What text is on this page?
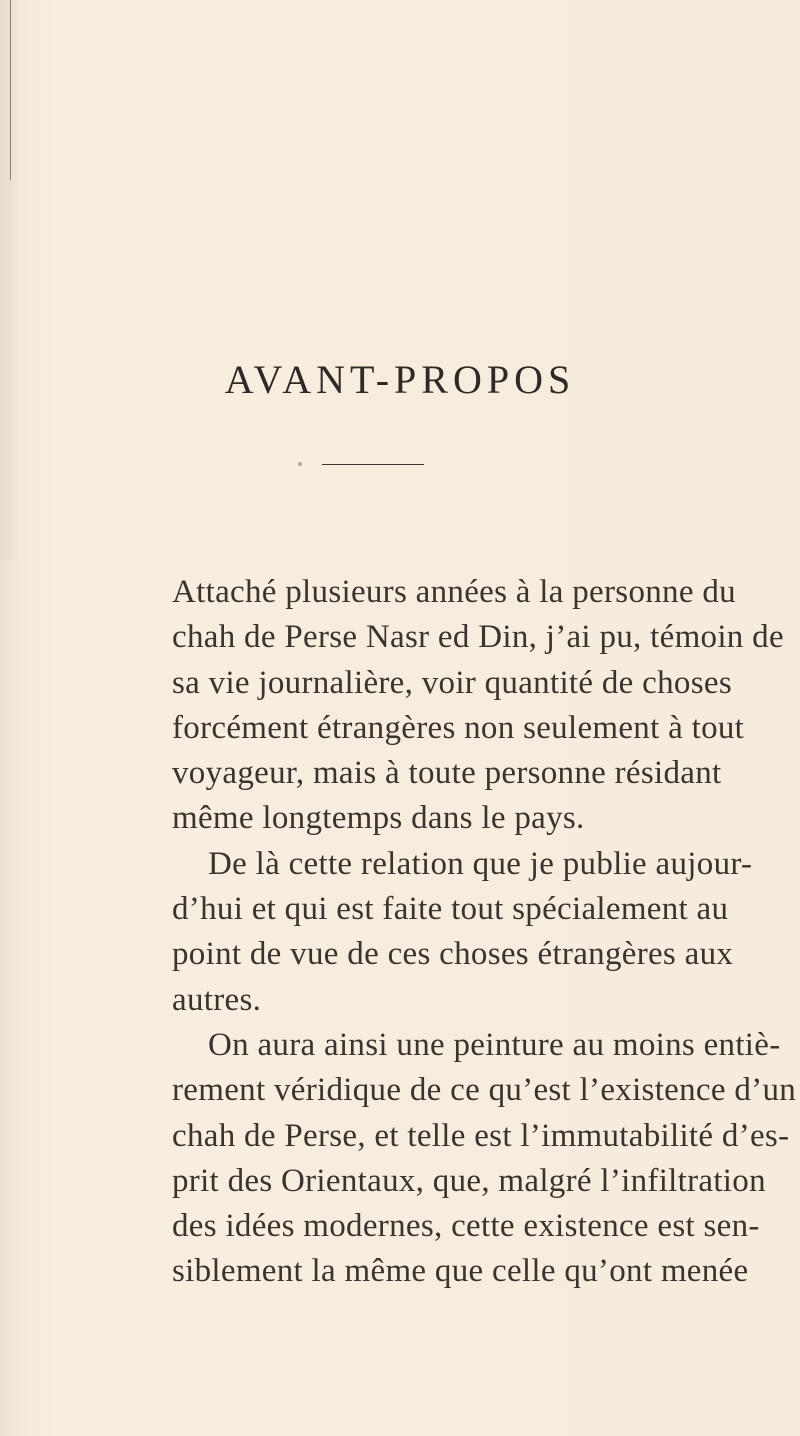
AVANT-PROPOS
Attaché plusieurs années à la personne du
chah de Perse Nasr ed Din, j’ai pu, témoin de
sa vie journalière, voir quantité de choses
forcément étrangères non seulement à tout
voyageur, mais à toute personne résidant
même longtemps dans le pays.
De là cette relation que je publie aujour-
d’hui et qui est faite tout spécialement au
point de vue de ces choses étrangères aux
autres.
On aura ainsi une peinture au moins entiè-
rement véridique de ce qu’est l’existence d’un
chah de Perse, et telle est l’immutabilité d’es-
prit des Orientaux, que, malgré l’infiltration
des idées modernes, cette existence est sen-
siblement la même que celle qu’ont menée
